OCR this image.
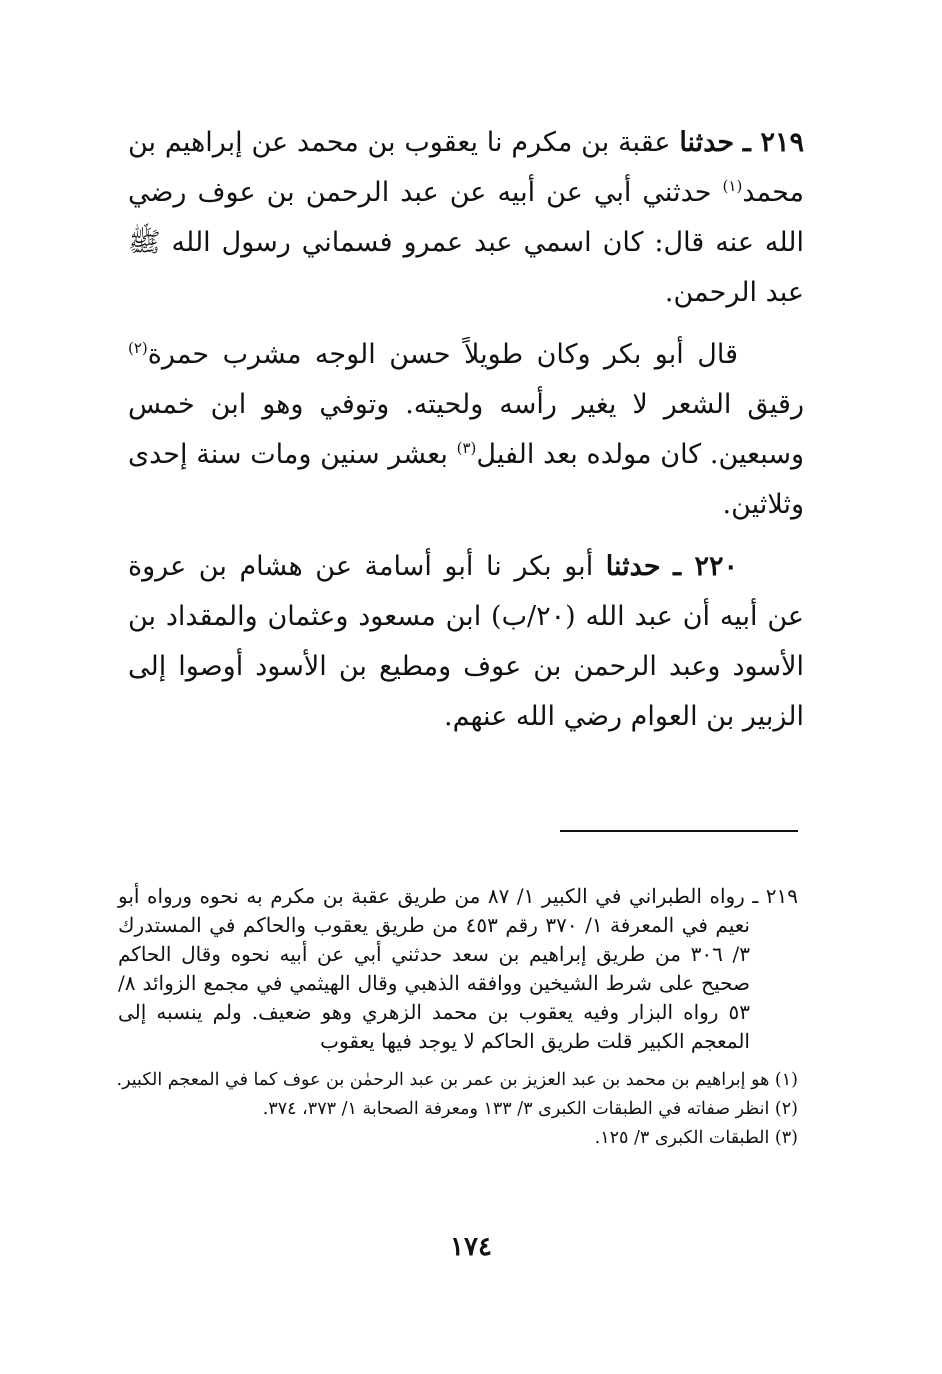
٢١٩ ـ حدثنا عقبة بن مكرم نا يعقوب بن محمد عن إبراهيم بن محمد$^{(١)}$ حدثني أبي عن أبيه عن عبد الرحمن بن عوف رضي الله عنه قال: كان اسمي عبد عمرو فسماني رسول الله ﷺ عبد الرحمن.

قال أبو بكر وكان طويلاً حسن الوجه مشرب حمرة$^{(٢)}$ رقيق الشعر لا يغير رأسه ولحيته. وتوفي وهو ابن خمس وسبعين. كان مولده بعد الفيل$^{(٣)}$ بعشر سنين ومات سنة إحدى وثلاثين.

٢٢٠ ـ حدثنا أبو بكر نا أبو أسامة عن هشام بن عروة عن أبيه أن عبد الله (٢٠/ب) ابن مسعود وعثمان والمقداد بن الأسود وعبد الرحمن بن عوف ومطيع بن الأسود أوصوا إلى الزبير بن العوام رضي الله عنهم.

٢١٩ ـ رواه الطبراني في الكبير ١/ ٨٧ من طريق عقبة بن مكرم به نحوه ورواه أبو نعيم في المعرفة ١/ ٣٧٠ رقم ٤٥٣ من طريق يعقوب والحاكم في المستدرك ٣/ ٣٠٦ من طريق إبراهيم بن سعد حدثني أبي عن أبيه نحوه وقال الحاكم صحيح على شرط الشيخين ووافقه الذهبي وقال الهيثمي في مجمع الزوائد ٨/ ٥٣ رواه البزار وفيه يعقوب بن محمد الزهري وهو ضعيف. ولم ينسبه إلى المعجم الكبير قلت طريق الحاكم لا يوجد فيها يعقوب

(١) هو إبراهيم بن محمد بن عبد العزيز بن عمر بن عبد الرحمٰن بن عوف كما في المعجم الكبير.

(٢) انظر صفاته في الطبقات الكبرى ٣/ ١٣٣ ومعرفة الصحابة ١/ ٣٧٣، ٣٧٤.

(٣) الطبقات الكبرى ٣/ ١٢٥.

١٧٤
